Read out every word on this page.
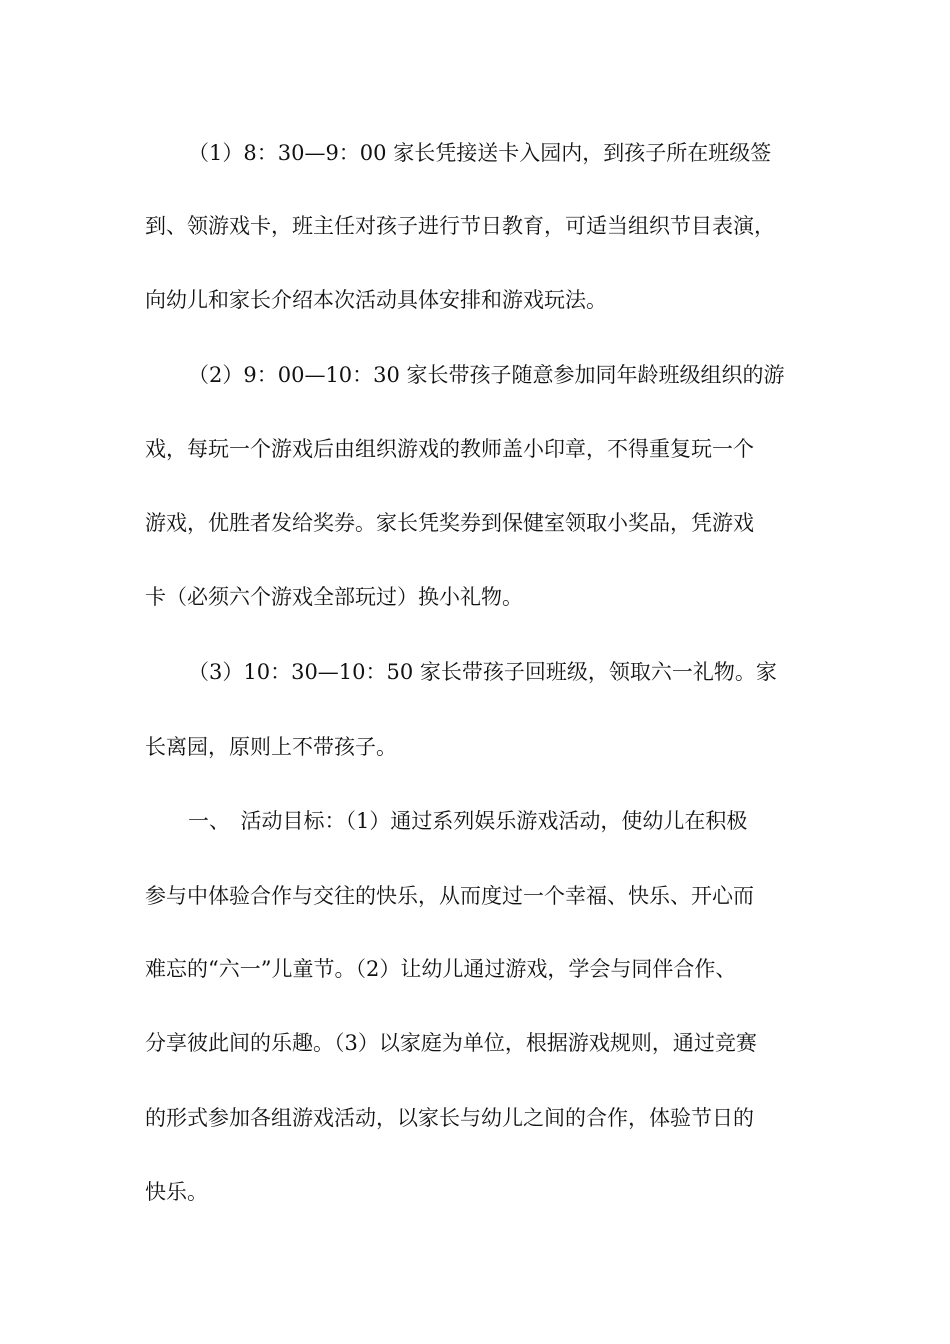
（1）8：30—9：00 家长凭接送卡入园内，到孩子所在班级签
到、领游戏卡，班主任对孩子进行节日教育，可适当组织节目表演，
向幼儿和家长介绍本次活动具体安排和游戏玩法。
（2）9：00—10：30 家长带孩子随意参加同年龄班级组织的游
戏，每玩一个游戏后由组织游戏的教师盖小印章，不得重复玩一个
游戏，优胜者发给奖券。家长凭奖券到保健室领取小奖品，凭游戏
卡（必须六个游戏全部玩过）换小礼物。
（3）10：30—10：50 家长带孩子回班级，领取六一礼物。家
长离园，原则上不带孩子。
一、　活动目标：（1）通过系列娱乐游戏活动，使幼儿在积极
参与中体验合作与交往的快乐，从而度过一个幸福、快乐、开心而
难忘的“六一”儿童节。（2）让幼儿通过游戏，学会与同伴合作、
分享彼此间的乐趣。（3）以家庭为单位，根据游戏规则，通过竞赛
的形式参加各组游戏活动，以家长与幼儿之间的合作，体验节日的
快乐。
